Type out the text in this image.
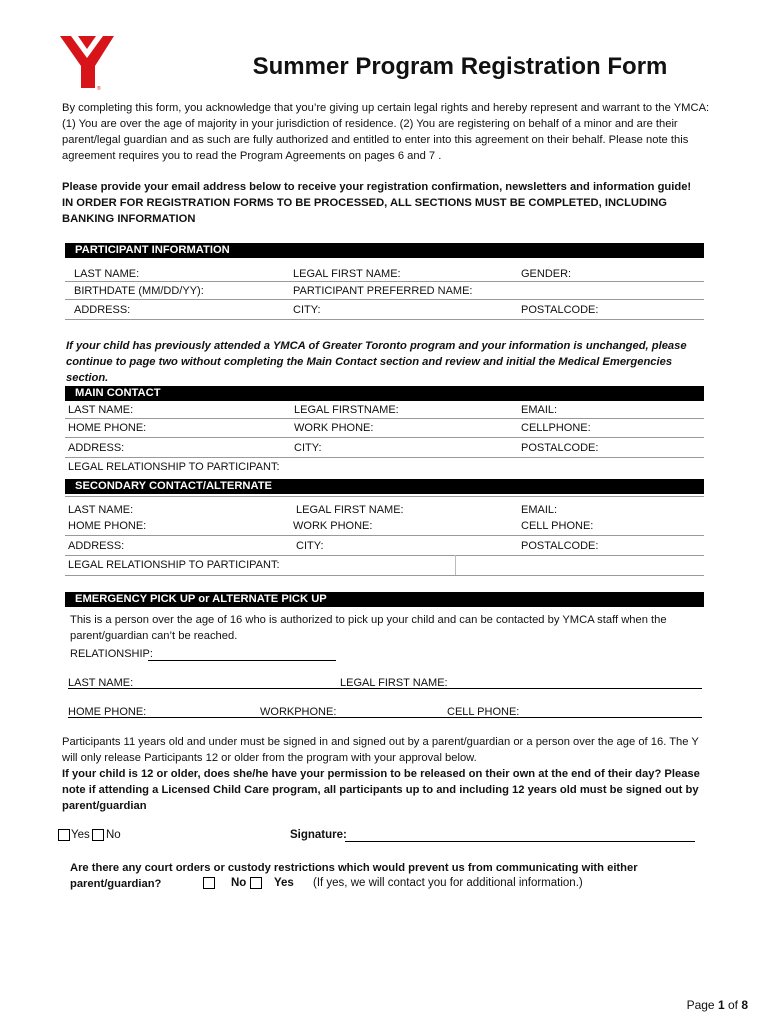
®
Summer Program Registration Form
By completing this form, you acknowledge that you’re giving up certain legal rights and hereby represent and warrant to the YMCA: (1) You are over the age of majority in your jurisdiction of residence. (2) You are registering on behalf of a minor and are their parent/legal guardian and as such are fully authorized and entitled to enter into this agreement on their behalf. Please note this agreement requires you to read the Program Agreements on pages 6 and 7 .
Please provide your email address below to receive your registration confirmation, newsletters and information guide!
IN ORDER FOR REGISTRATION FORMS TO BE PROCESSED, ALL SECTIONS MUST BE COMPLETED, INCLUDING BANKING INFORMATION
PARTICIPANT INFORMATION
LAST NAME:	LEGAL FIRST NAME:	GENDER:
BIRTHDATE (MM/DD/YY):	PARTICIPANT PREFERRED NAME:
ADDRESS:	CITY:	POSTALCODE:
If your child has previously attended a YMCA of Greater Toronto program and your information is unchanged, please continue to page two without completing the Main Contact section and review and initial the Medical Emergencies section.
MAIN CONTACT
LAST NAME:	LEGAL FIRSTNAME:	EMAIL:
HOME PHONE:	WORK PHONE:	CELLPHONE:
ADDRESS:	CITY:	POSTALCODE:
LEGAL RELATIONSHIP TO PARTICIPANT:
SECONDARY CONTACT/ALTERNATE
LAST NAME:	LEGAL FIRST NAME:	EMAIL:
HOME PHONE:	WORK PHONE:	CELL PHONE:
ADDRESS:	CITY:	POSTALCODE:
LEGAL RELATIONSHIP TO PARTICIPANT:
EMERGENCY PICK UP or ALTERNATE PICK UP
This is a person over the age of 16 who is authorized to pick up your child and can be contacted by YMCA staff when the parent/guardian can’t be reached.
RELATIONSHIP:
LAST NAME:	LEGAL FIRST NAME:
HOME PHONE:	WORKPHONE:	CELL PHONE:
Participants 11 years old and under must be signed in and signed out by a parent/guardian or a person over the age of 16. The Y will only release Participants 12 or older from the program with your approval below.
If your child is 12 or older, does she/he have your permission to be released on their own at the end of their day? Please note if attending a Licensed Child Care program, all participants up to and including 12 years old must be signed out by parent/guardian
Yes No	Signature:
Are there any court orders or custody restrictions which would prevent us from communicating with either parent/guardian?	No Yes (If yes, we will contact you for additional information.)
Page 1 of 8
